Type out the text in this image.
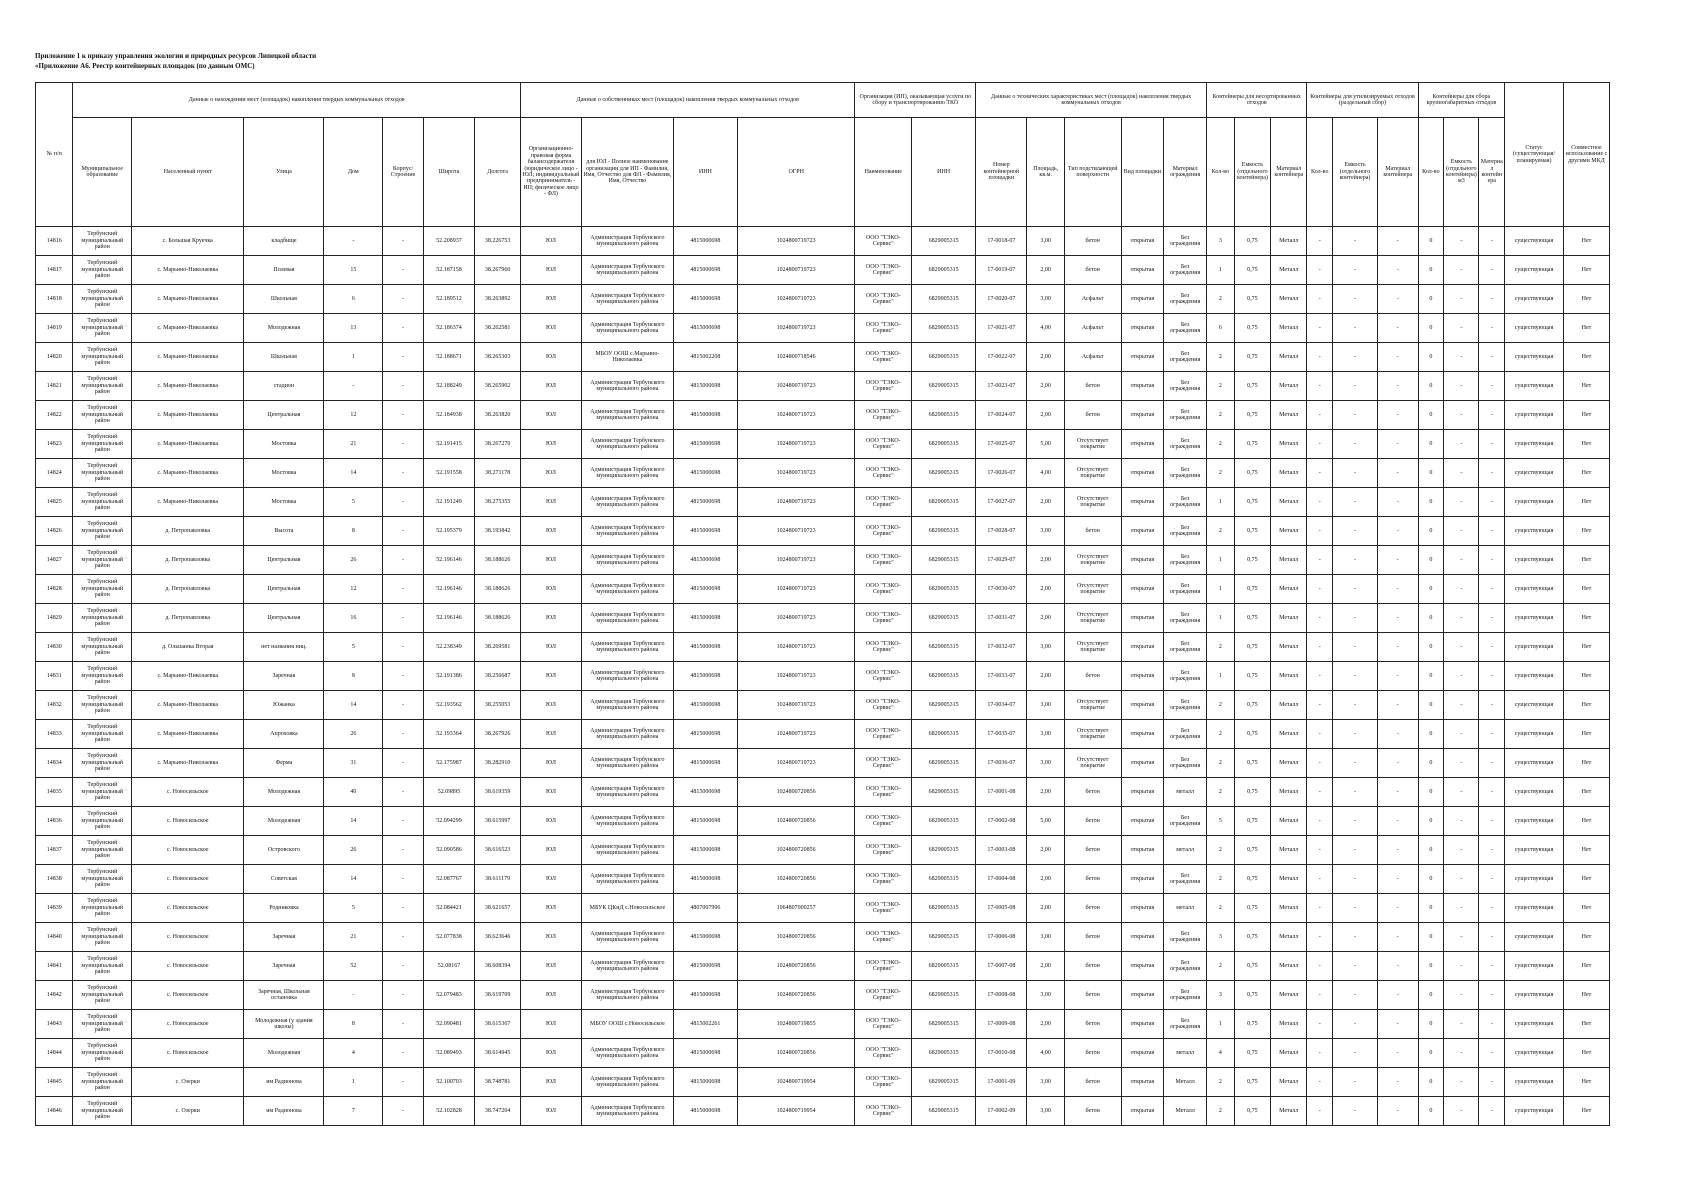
Приложение 1 к приказу управления экологии и природных ресурсов Липецкой области
«Приложение А6. Реестр контейнерных площадок (по данным ОМС)
№ п/п	Данные о нахождении мест (площадок) накопления твердых коммунальных отходов							Данные о собственниках мест (площадок) накопления твердых коммунальных отходов				Организация (ИП), оказывающая услуги по сбору и транспортированию ТКО		Данные о технических характеристиках мест (площадок) накопления твердых коммунальных отходов					Контейнеры для несортированных отходов			Контейнеры для утилизируемых отходов (раздельный сбор)			Контейнеры для сбора крупногабаритных отходов			Статус (существующая/ планируемая)	Совместное использование с другими МКД
	Муниципальное образование	Населенный пункт	Улица	Дом	Корпус/Строение	Широта	Долгота	Организационно-правовая форма балансодержателя (юридическое лицо - ЮЛ; индивидуальный предприниматель - ИП; физическое лицо - ФЛ)	для ЮЛ - Полное наименование организации для ИП - Фамилия, Имя, Отчество для ФЛ - Фамилия, Имя, Отчество	ИНН	ОГРН	Наименование	ИНН	Номер контейнерной площадки	Площадь, кв.м.	Тип подстилающей поверхности	Вид площадки	Материал ограждения	Кол-во	Емкость (отдельного контейнера)	Материал контейнера	Кол-во	Емкость (отдельного контейнера)	Материал контейнера	Кол-во	Емкость (отдельного контейнера) м3	Материал контейнера		
14816	Тербунский муниципальный район	с. Большая Круечка	кладбище	-	-	52.208937	38.226753	ЮЛ	Администрация Тербунского муниципального района	4815000698	1024800719723	ООО "ТЭКО-Сервис"	6829005315	17-0018-07	3,00	бетон	открытая	Без ограждения	3	0,75	Металл	-	-	-	0	-	-	существующая	Нет
14817	Тербунский муниципальный район	с. Марьино-Николаевка	Полевая	15	-	52.187158	38.267960	ЮЛ	Администрация Тербунского муниципального района	4815000698	1024800719723	ООО "ТЭКО-Сервис"	6829005315	17-0019-07	2,00	бетон	открытая	Без ограждения	1	0,75	Металл	-	-	-	0	-	-	существующая	Нет
14818	Тербунский муниципальный район	с. Марьино-Николаевка	Школьная	6	-	52.189512	38.263892	ЮЛ	Администрация Тербунского муниципального района	4815000698	1024800719723	ООО "ТЭКО-Сервис"	6829005315	17-0020-07	3,00	Асфальт	открытая	Без ограждения	2	0,75	Металл	-	-	-	0	-	-	существующая	Нет
14819	Тербунский муниципальный район	с. Марьино-Николаевка	Молодежная	13	-	52.186374	38.262581	ЮЛ	Администрация Тербунского муниципального района	4815000698	1024800719723	ООО "ТЭКО-Сервис"	6829005315	17-0021-07	4,00	Асфальт	открытая	Без ограждения	6	0,75	Металл	-	-	-	0	-	-	существующая	Нет
14820	Тербунский муниципальный район	с. Марьино-Николаевка	Школьная	1	-	52.188671	38.265303	ЮЛ	МБОУ ООШ с.Марьино-Николаевка	4815002208	1024800718546	ООО "ТЭКО-Сервис"	6829005315	17-0022-07	2,00	Асфальт	открытая	Без ограждения	2	0,75	Металл	-	-	-	0	-	-	существующая	Нет
14821	Тербунский муниципальный район	с. Марьино-Николаевка	стадион	-	-	52.188249	38.265902	ЮЛ	Администрация Тербунского муниципального района	4815000698	1024800719723	ООО "ТЭКО-Сервис"	6829005315	17-0023-07	2,00	бетон	открытая	Без ограждения	2	0,75	Металл	-	-	-	0	-	-	существующая	Нет
14822	Тербунский муниципальный район	с. Марьино-Николаевка	Центральная	12	-	52.184938	38.263820	ЮЛ	Администрация Тербунского муниципального района	4815000698	1024800719723	ООО "ТЭКО-Сервис"	6829005315	17-0024-07	2,00	бетон	открытая	Без ограждения	2	0,75	Металл	-	-	-	0	-	-	существующая	Нет
14823	Тербунский муниципальный район	с. Марьино-Николаевка	Мостовка	21	-	52.191415	38.267270	ЮЛ	Администрация Тербунского муниципального района	4815000698	1024800719723	ООО "ТЭКО-Сервис"	6829005315	17-0025-07	5,00	Отсутствует покрытие	открытая	Без ограждения	2	0,75	Металл	-	-	-	0	-	-	существующая	Нет
14824	Тербунский муниципальный район	с. Марьино-Николаевка	Мостовка	14	-	52.191558	38.271178	ЮЛ	Администрация Тербунского муниципального района	4815000698	1024800719723	ООО "ТЭКО-Сервис"	6829005315	17-0026-07	4,00	Отсутствует покрытие	открытая	Без ограждения	2	0,75	Металл	-	-	-	0	-	-	существующая	Нет
14825	Тербунский муниципальный район	с. Марьино-Николаевка	Мостовка	5	-	52.191249	38.275355	ЮЛ	Администрация Тербунского муниципального района	4815000698	1024800719723	ООО "ТЭКО-Сервис"	6829005315	17-0027-07	2,00	Отсутствует покрытие	открытая	Без ограждения	1	0,75	Металл	-	-	-	0	-	-	существующая	Нет
14826	Тербунский муниципальный район	д. Петропавловка	Высота	8	-	52.195379	38.193842	ЮЛ	Администрация Тербунского муниципального района	4815000698	1024800719723	ООО "ТЭКО-Сервис"	6829005315	17-0028-07	3,00	бетон	открытая	Без ограждения	2	0,75	Металл	-	-	-	0	-	-	существующая	Нет
14827	Тербунский муниципальный район	д. Петропавловка	Центральная	26	-	52.196146	38.188626	ЮЛ	Администрация Тербунского муниципального района	4815000698	1024800719723	ООО "ТЭКО-Сервис"	6829005315	17-0029-07	2,00	Отсутствует покрытие	открытая	Без ограждения	1	0,75	Металл	-	-	-	0	-	-	существующая	Нет
14828	Тербунский муниципальный район	д. Петропавловка	Центральная	12	-	52.196146	38.188626	ЮЛ	Администрация Тербунского муниципального района	4815000698	1024800719723	ООО "ТЭКО-Сервис"	6829005315	17-0030-07	2,00	Отсутствует покрытие	открытая	Без ограждения	1	0,75	Металл	-	-	-	0	-	-	существующая	Нет
14829	Тербунский муниципальный район	д. Петропавловка	Центральная	16	-	52.196146	38.188626	ЮЛ	Администрация Тербунского муниципального района	4815000698	1024800719723	ООО "ТЭКО-Сервис"	6829005315	17-0031-07	2,00	Отсутствует покрытие	открытая	Без ограждения	1	0,75	Металл	-	-	-	0	-	-	существующая	Нет
14830	Тербунский муниципальный район	д. Ольшанка Вторая	нет названия ниц.	5	-	52.238349	38.269581	ЮЛ	Администрация Тербунского муниципального района	4815000698	1024800719723	ООО "ТЭКО-Сервис"	6829005315	17-0032-07	3,00	Отсутствует покрытие	открытая	Без ограждения	2	0,75	Металл	-	-	-	0	-	-	существующая	Нет
14831	Тербунский муниципальный район	с. Марьино-Николаевка	Заречная	8	-	52.191386	38.256687	ЮЛ	Администрация Тербунского муниципального района	4815000698	1024800719723	ООО "ТЭКО-Сервис"	6829005315	17-0033-07	2,00	бетон	открытая	Без ограждения	1	0,75	Металл	-	-	-	0	-	-	существующая	Нет
14832	Тербунский муниципальный район	с. Марьино-Николаевка	Южанка	14	-	52.193562	38.255053	ЮЛ	Администрация Тербунского муниципального района	4815000698	1024800719723	ООО "ТЭКО-Сервис"	6829005315	17-0034-07	3,00	Отсутствует покрытие	открытая	Без ограждения	2	0,75	Металл	-	-	-	0	-	-	существующая	Нет
14833	Тербунский муниципальный район	с. Марьино-Николаевка	Апроховка	26	-	52.193364	38.267926	ЮЛ	Администрация Тербунского муниципального района	4815000698	1024800719723	ООО "ТЭКО-Сервис"	6829005315	17-0035-07	3,00	Отсутствует покрытие	открытая	Без ограждения	2	0,75	Металл	-	-	-	0	-	-	существующая	Нет
14834	Тербунский муниципальный район	с. Марьино-Николаевка	Ферма	31	-	52.175987	38.282910	ЮЛ	Администрация Тербунского муниципального района	4815000698	1024800719723	ООО "ТЭКО-Сервис"	6829005315	17-0036-07	3,00	Отсутствует покрытие	открытая	Без ограждения	2	0,75	Металл	-	-	-	0	-	-	существующая	Нет
14835	Тербунский муниципальный район	с. Новосильское	Молодежная	40	-	52.09895	38.619359	ЮЛ	Администрация Тербунского муниципального района	4815000698	1024800720856	ООО "ТЭКО-Сервис"	6829005315	17-0001-08	2,00	бетон	открытая	металл	2	0,75	Металл	-	-	-	0	-	-	существующая	Нет
14836	Тербунский муниципальный район	с. Новосильское	Молодежная	14	-	52.094299	38.615997	ЮЛ	Администрация Тербунского муниципального района	4815000698	1024800720856	ООО "ТЭКО-Сервис"	6829005315	17-0002-08	5,00	бетон	открытая	Без ограждения	5	0,75	Металл	-	-	-	0	-	-	существующая	Нет
14837	Тербунский муниципальный район	с. Новосильское	Островского	26	-	52.090586	38.616523	ЮЛ	Администрация Тербунского муниципального района	4815000698	1024800720856	ООО "ТЭКО-Сервис"	6829005315	17-0003-08	2,00	бетон	открытая	металл	2	0,75	Металл	-	-	-	0	-	-	существующая	Нет
14838	Тербунский муниципальный район	с. Новосильское	Советская	14	-	52.087767	38.611179	ЮЛ	Администрация Тербунского муниципального района	4815000698	1024800720856	ООО "ТЭКО-Сервис"	6829005315	17-0004-08	2,00	бетон	открытая	Без ограждения	2	0,75	Металл	-	-	-	0	-	-	существующая	Нет
14839	Тербунский муниципальный район	с. Новосильское	Родниковка	5	-	52.084421	38.621657	ЮЛ	МБУК ЦКиД с.Новосильское	4807007996	1064807000257	ООО "ТЭКО-Сервис"	6829005315	17-0005-08	2,00	бетон	открытая	металл	2	0,75	Металл	-	-	-	0	-	-	существующая	Нет
14840	Тербунский муниципальный район	с. Новосильское	Заречная	21	-	52.077838	38.623646	ЮЛ	Администрация Тербунского муниципального района	4815000698	1024800720856	ООО "ТЭКО-Сервис"	6829005315	17-0006-08	3,00	бетон	открытая	Без ограждения	3	0,75	Металл	-	-	-	0	-	-	существующая	Нет
14841	Тербунский муниципальный район	с. Новосильское	Заречная	52	-	52.08167	38.608394	ЮЛ	Администрация Тербунского муниципального района	4815000698	1024800720856	ООО "ТЭКО-Сервис"	6829005315	17-0007-08	2,00	бетон	открытая	Без ограждения	2	0,75	Металл	-	-	-	0	-	-	существующая	Нет
14842	Тербунский муниципальный район	с. Новосильское	Заречная, Школьная остановка	-	-	52.079483	38.619709	ЮЛ	Администрация Тербунского муниципального района	4815000698	1024800720856	ООО "ТЭКО-Сервис"	6829005315	17-0008-08	3,00	бетон	открытая	Без ограждения	3	0,75	Металл	-	-	-	0	-	-	существующая	Нет
14843	Тербунский муниципальный район	с. Новосильское	Молодежная (у здания школы)	8	-	52.090481	38.615367	ЮЛ	МБОУ ООШ с.Новосильское	4815002261	1024800719855	ООО "ТЭКО-Сервис"	6829005315	17-0009-08	2,00	бетон	открытая	Без ограждения	1	0,75	Металл	-	-	-	0	-	-	существующая	Нет
14844	Тербунский муниципальный район	с. Новосильское	Молодежная	4	-	52.089493	38.614945	ЮЛ	Администрация Тербунского муниципального района	4815000698	1024800720856	ООО "ТЭКО-Сервис"	6829005315	17-0010-08	4,00	бетон	открытая	металл	4	0,75	Металл	-	-	-	0	-	-	существующая	Нет
14845	Тербунский муниципальный район	с. Озерки	им Радионова	1	-	52.100703	38.748781	ЮЛ	Администрация Тербунского муниципального района	4815000698	1024800719954	ООО "ТЭКО-Сервис"	6829005315	17-0001-09	3,00	бетон	открытая	Металл	2	0,75	Металл	-	-	-	0	-	-	существующая	Нет
14846	Тербунский муниципальный район	с. Озерки	им Радионова	7	-	52.102828	38.747204	ЮЛ	Администрация Тербунского муниципального района	4815000698	1024800719954	ООО "ТЭКО-Сервис"	6829005315	17-0002-09	3,00	бетон	открытая	Металл	2	0,75	Металл	-	-	-	0	-	-	существующая	Нет
